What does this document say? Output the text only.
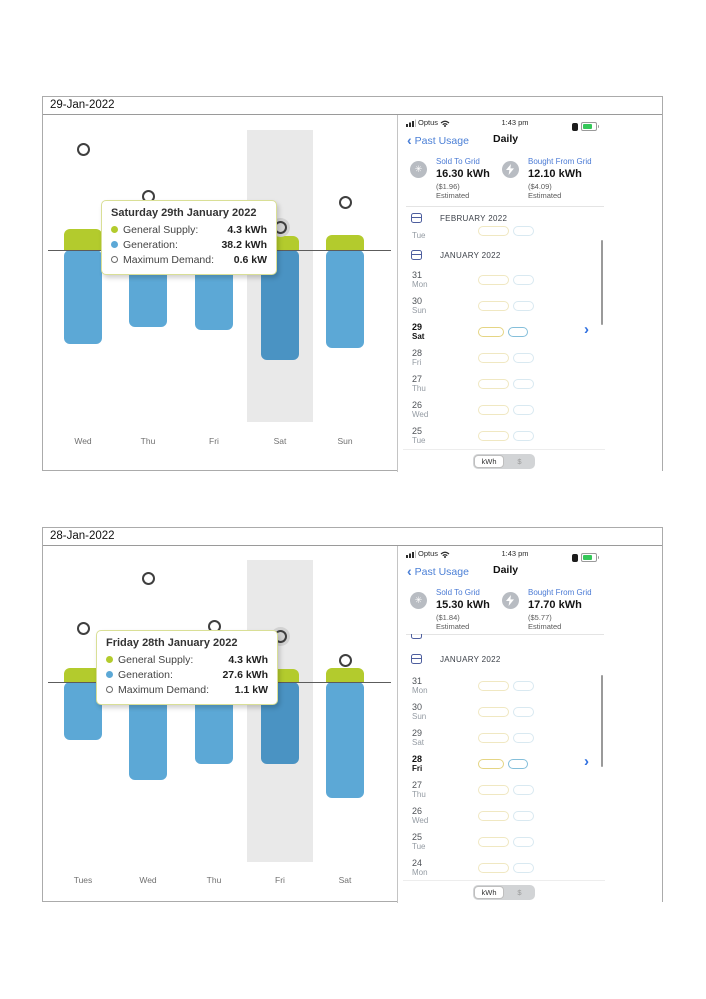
29-Jan-2022
Saturday 29th January 2022
General Supply:	4.3 kWh
Generation:	38.2 kWh
Maximum Demand:	0.6 kW
Wed	Thu	Fri	Sat	Sun
Optus	1:43 pm
‹ Past Usage Daily
✳
Sold To Grid
16.30 kWh
($1.96)
Estimated
Bought From Grid
12.10 kWh
($4.09)
Estimated
FEBRUARY 2022
Tue
JANUARY 2022
31
Mon
30
Sun
29
Sat	›
28
Fri
27
Thu
26
Wed
25
Tue
kWh	$
28-Jan-2022
Friday 28th January 2022
General Supply:	4.3 kWh
Generation:	27.6 kWh
Maximum Demand:	1.1 kW
Tues	Wed	Thu	Fri	Sat
Optus	1:43 pm
‹ Past Usage Daily
✳
Sold To Grid
15.30 kWh
($1.84)
Estimated
Bought From Grid
17.70 kWh
($5.77)
Estimated
JANUARY 2022
31
Mon
30
Sun
29
Sat
28
Fri	›
27
Thu
26
Wed
25
Tue
24
Mon
kWh	$
